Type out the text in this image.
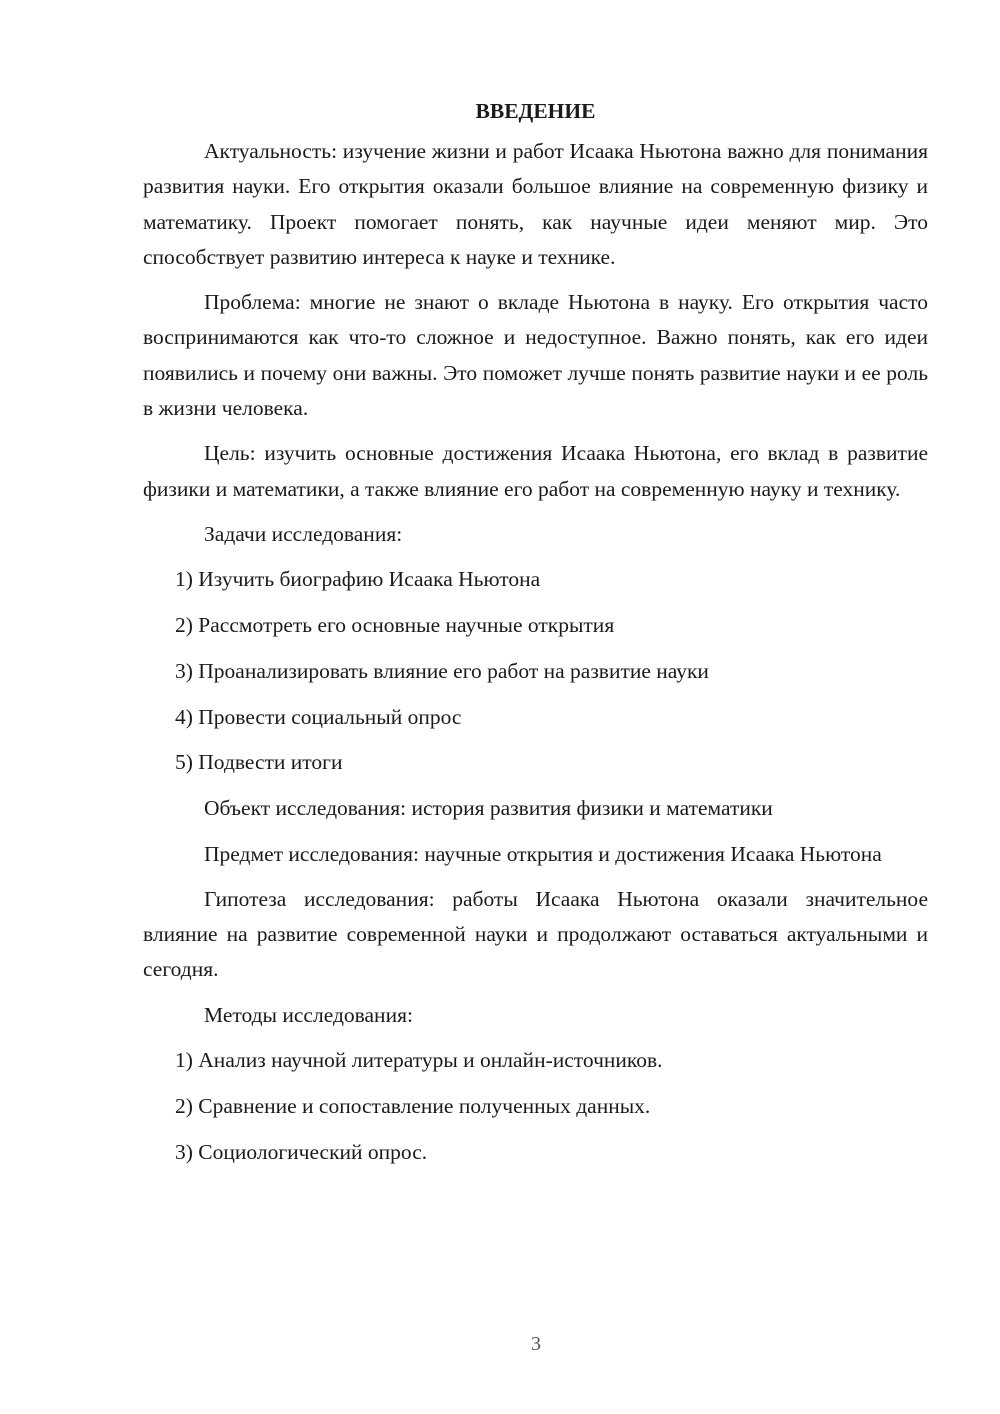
ВВЕДЕНИЕ

Актуальность: изучение жизни и работ Исаака Ньютона важно для понимания развития науки. Его открытия оказали большое влияние на современную физику и математику. Проект помогает понять, как научные идеи меняют мир. Это способствует развитию интереса к науке и технике.

Проблема: многие не знают о вкладе Ньютона в науку. Его открытия часто воспринимаются как что-то сложное и недоступное. Важно понять, как его идеи появились и почему они важны. Это поможет лучше понять развитие науки и ее роль в жизни человека.

Цель: изучить основные достижения Исаака Ньютона, его вклад в развитие физики и математики, а также влияние его работ на современную науку и технику.

Задачи исследования:

1) Изучить биографию Исаака Ньютона
2) Рассмотреть его основные научные открытия
3) Проанализировать влияние его работ на развитие науки
4) Провести социальный опрос
5) Подвести итоги

Объект исследования: история развития физики и математики

Предмет исследования: научные открытия и достижения Исаака Ньютона

Гипотеза исследования: работы Исаака Ньютона оказали значительное влияние на развитие современной науки и продолжают оставаться актуальными и сегодня.

Методы исследования:

1) Анализ научной литературы и онлайн-источников.
2) Сравнение и сопоставление полученных данных.
3) Социологический опрос.
3
